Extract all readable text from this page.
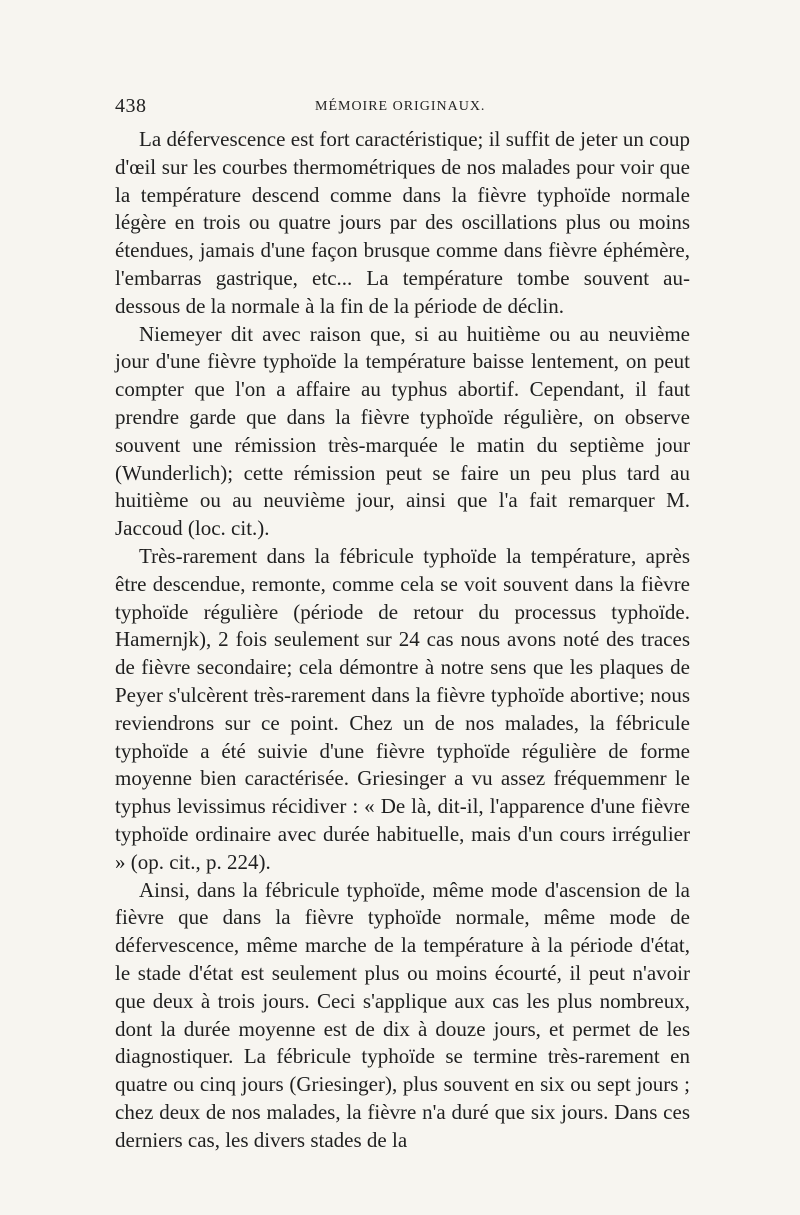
438	MÉMOIRE ORIGINAUX.

La défervescence est fort caractéristique; il suffit de jeter un coup d'œil sur les courbes thermométriques de nos malades pour voir que la température descend comme dans la fièvre typhoïde normale légère en trois ou quatre jours par des oscillations plus ou moins étendues, jamais d'une façon brusque comme dans fièvre éphémère, l'embarras gastrique, etc... La température tombe souvent au-dessous de la normale à la fin de la période de déclin.

Niemeyer dit avec raison que, si au huitième ou au neuvième jour d'une fièvre typhoïde la température baisse lentement, on peut compter que l'on a affaire au typhus abortif. Cependant, il faut prendre garde que dans la fièvre typhoïde régulière, on observe souvent une rémission très-marquée le matin du septième jour (Wunderlich); cette rémission peut se faire un peu plus tard au huitième ou au neuvième jour, ainsi que l'a fait remarquer M. Jaccoud (loc. cit.).

Très-rarement dans la fébricule typhoïde la température, après être descendue, remonte, comme cela se voit souvent dans la fièvre typhoïde régulière (période de retour du processus typhoïde. Hamernjk), 2 fois seulement sur 24 cas nous avons noté des traces de fièvre secondaire; cela démontre à notre sens que les plaques de Peyer s'ulcèrent très-rarement dans la fièvre typhoïde abortive; nous reviendrons sur ce point. Chez un de nos malades, la fébricule typhoïde a été suivie d'une fièvre typhoïde régulière de forme moyenne bien caractérisée. Griesinger a vu assez fréquemmenr le typhus levissimus récidiver : « De là, dit-il, l'apparence d'une fièvre typhoïde ordinaire avec durée habituelle, mais d'un cours irrégulier » (op. cit., p. 224).

Ainsi, dans la fébricule typhoïde, même mode d'ascension de la fièvre que dans la fièvre typhoïde normale, même mode de défervescence, même marche de la température à la période d'état, le stade d'état est seulement plus ou moins écourté, il peut n'avoir que deux à trois jours. Ceci s'applique aux cas les plus nombreux, dont la durée moyenne est de dix à douze jours, et permet de les diagnostiquer. La fébricule typhoïde se termine très-rarement en quatre ou cinq jours (Griesinger), plus souvent en six ou sept jours ; chez deux de nos malades, la fièvre n'a duré que six jours. Dans ces derniers cas, les divers stades de la
